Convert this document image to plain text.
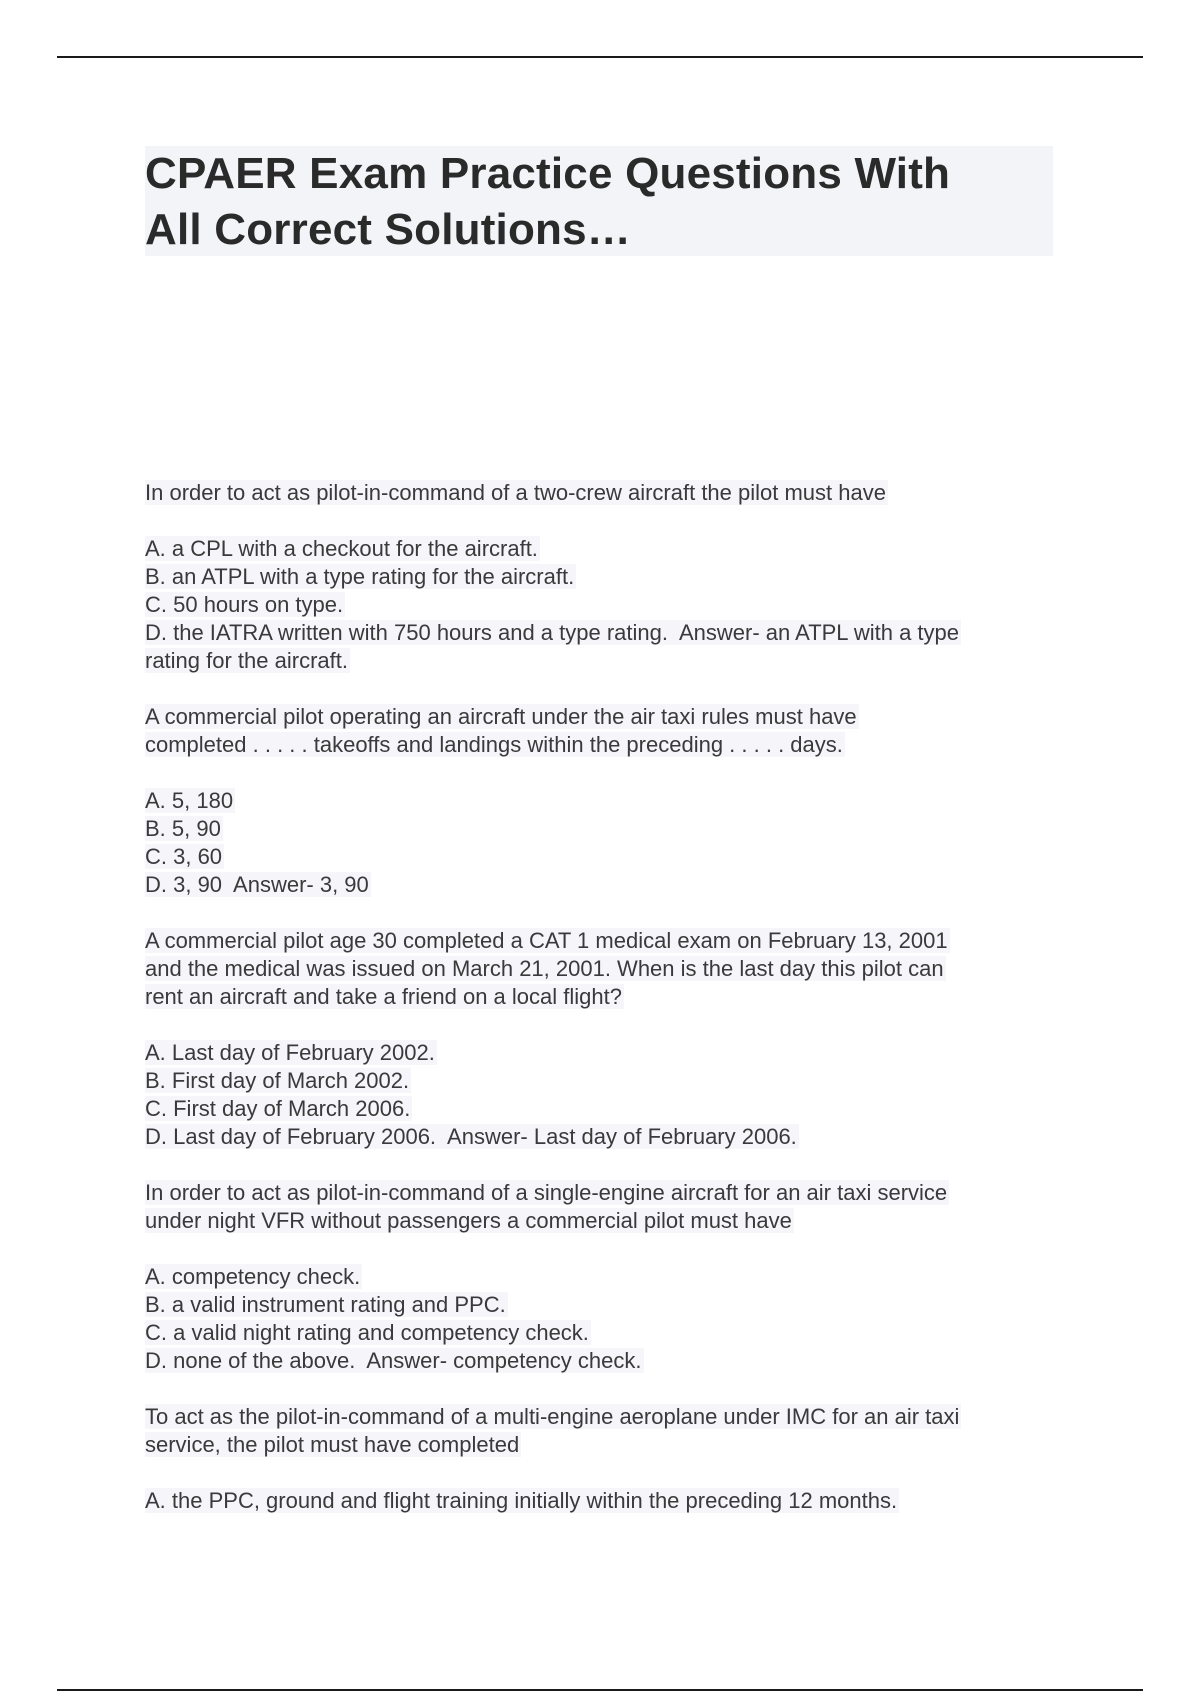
CPAER Exam Practice Questions With
All Correct Solutions…
In order to act as pilot-in-command of a two-crew aircraft the pilot must have
A. a CPL with a checkout for the aircraft.
B. an ATPL with a type rating for the aircraft.
C. 50 hours on type.
D. the IATRA written with 750 hours and a type rating.  Answer- an ATPL with a type
rating for the aircraft.
A commercial pilot operating an aircraft under the air taxi rules must have
completed . . . . . takeoffs and landings within the preceding . . . . . days.
A. 5, 180
B. 5, 90
C. 3, 60
D. 3, 90  Answer- 3, 90
A commercial pilot age 30 completed a CAT 1 medical exam on February 13, 2001
and the medical was issued on March 21, 2001. When is the last day this pilot can
rent an aircraft and take a friend on a local flight?
A. Last day of February 2002.
B. First day of March 2002.
C. First day of March 2006.
D. Last day of February 2006.  Answer- Last day of February 2006.
In order to act as pilot-in-command of a single-engine aircraft for an air taxi service
under night VFR without passengers a commercial pilot must have
A. competency check.
B. a valid instrument rating and PPC.
C. a valid night rating and competency check.
D. none of the above.  Answer- competency check.
To act as the pilot-in-command of a multi-engine aeroplane under IMC for an air taxi
service, the pilot must have completed
A. the PPC, ground and flight training initially within the preceding 12 months.
